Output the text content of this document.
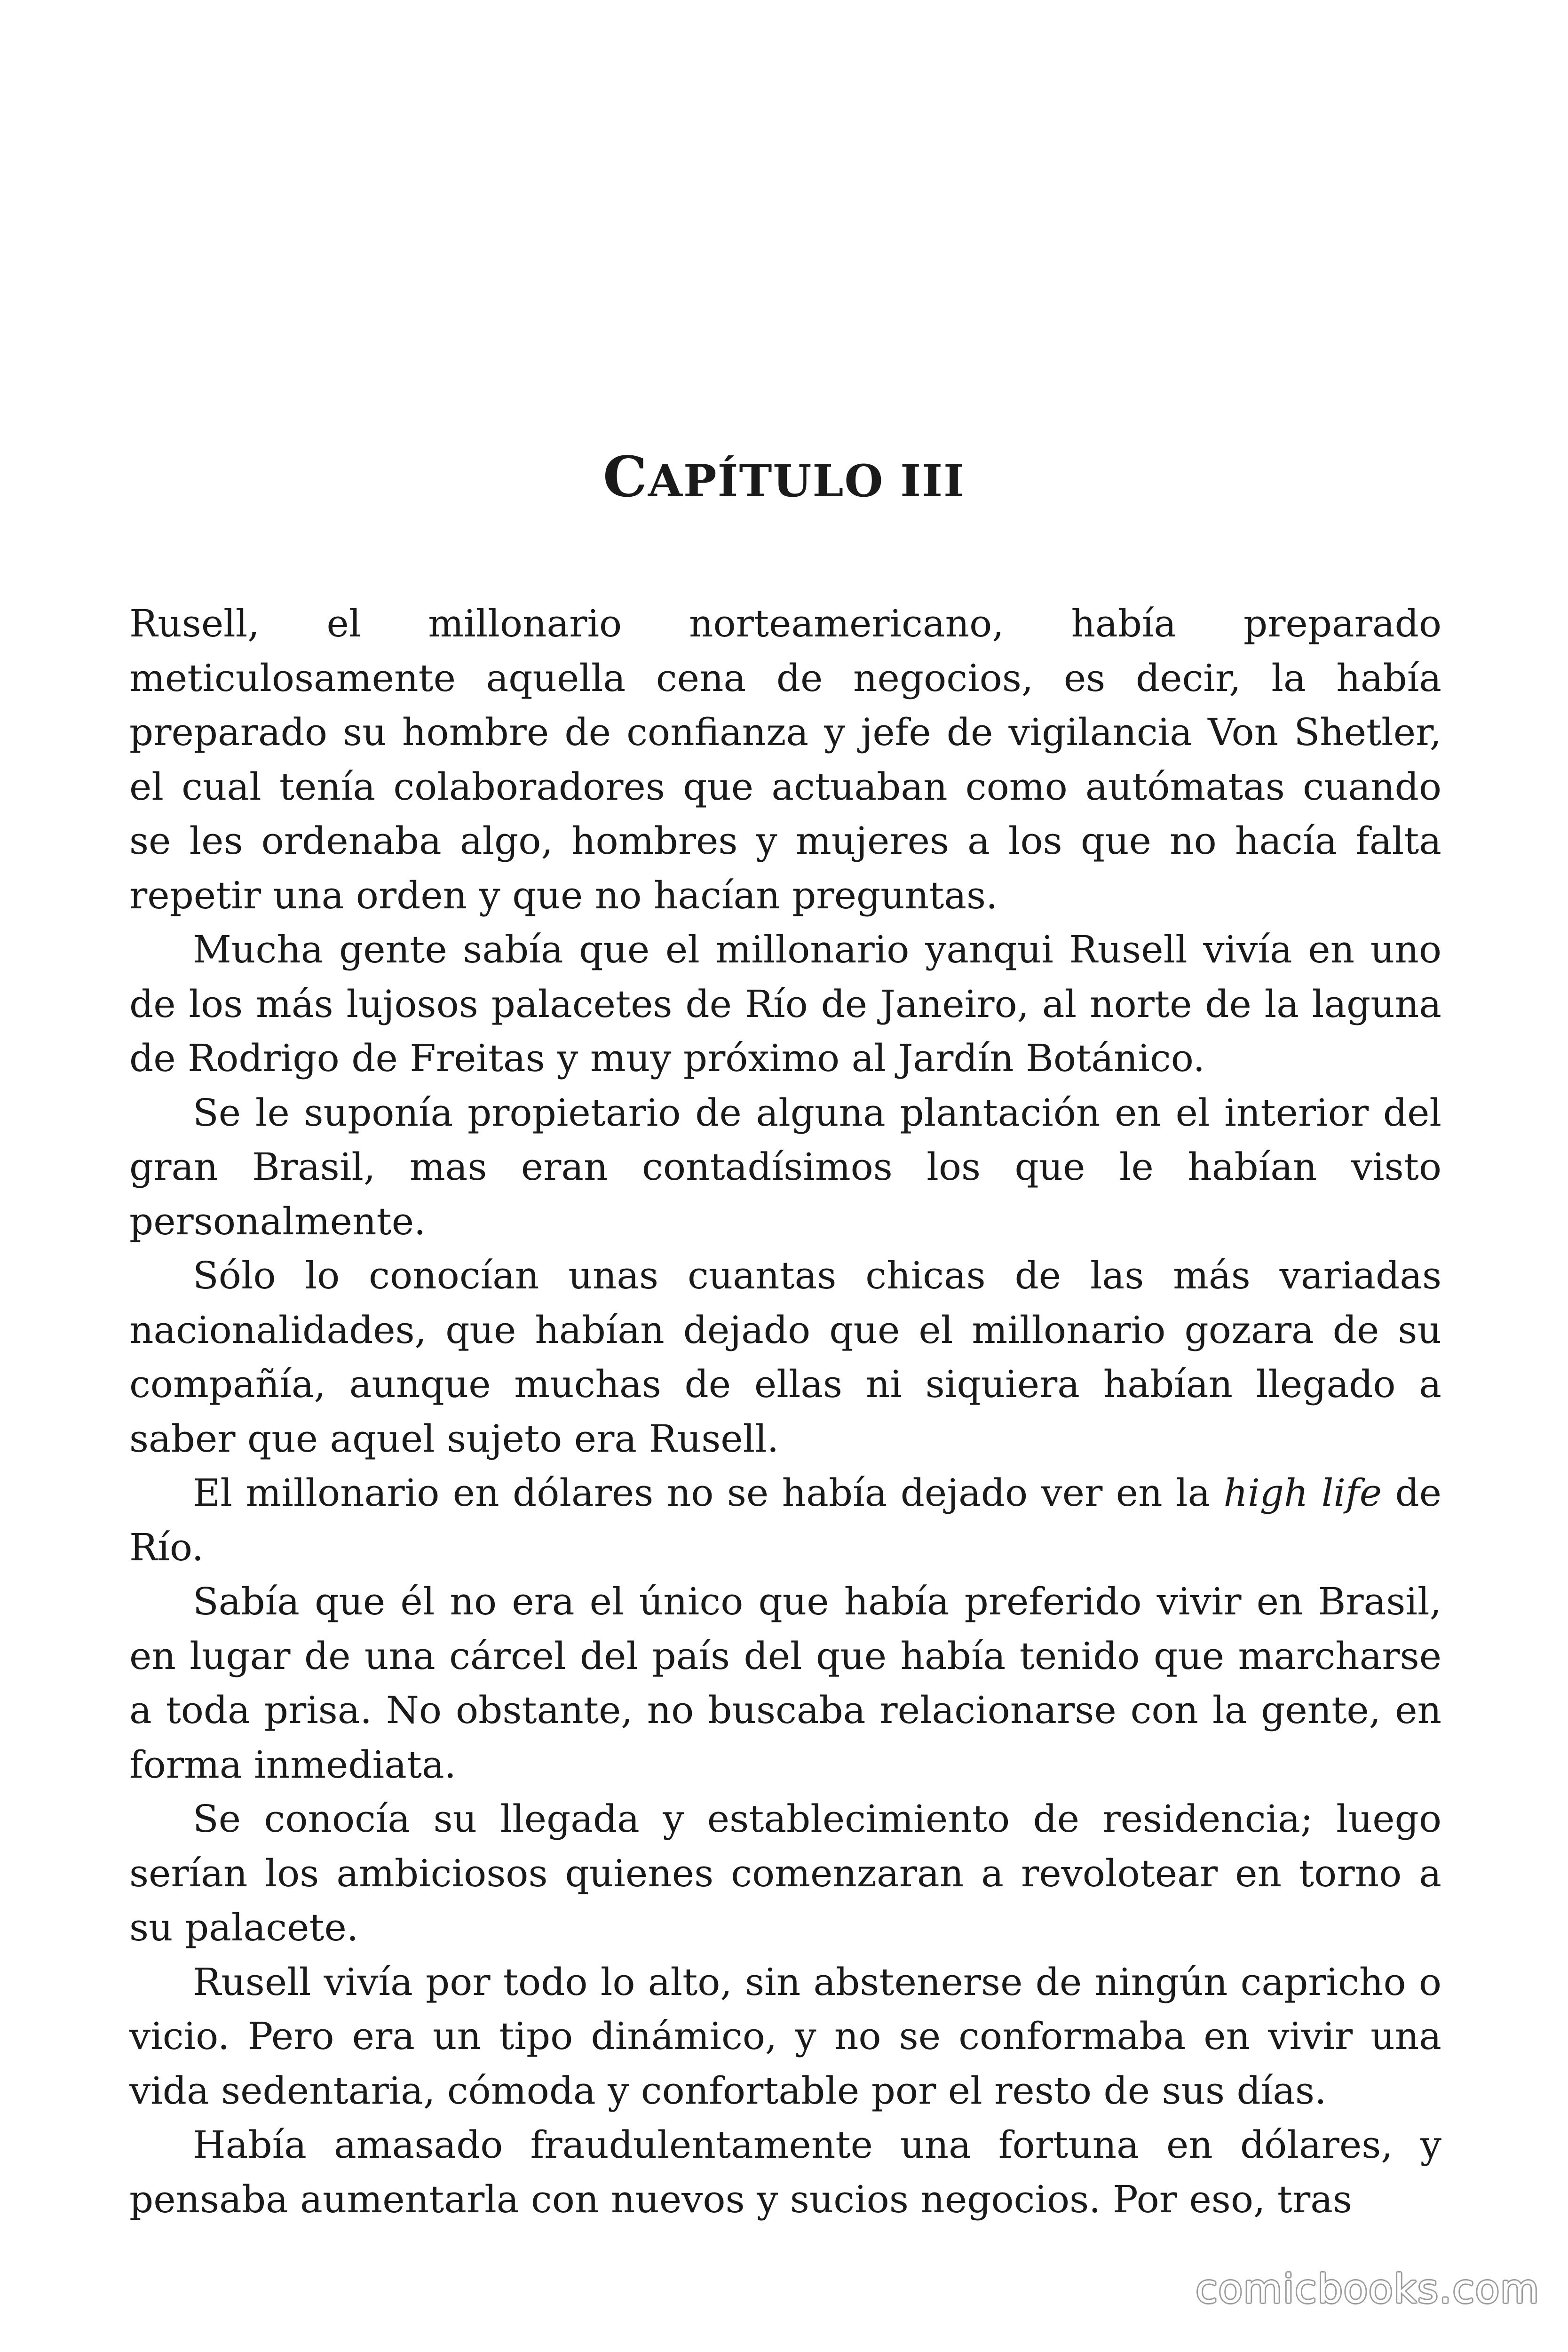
CAPÍTULO III

Rusell, el millonario norteamericano, había preparado meticulosamente aquella cena de negocios, es decir, la había preparado su hombre de confianza y jefe de vigilancia Von Shetler, el cual tenía colaboradores que actuaban como autómatas cuando se les ordenaba algo, hombres y mujeres a los que no hacía falta repetir una orden y que no hacían preguntas.

Mucha gente sabía que el millonario yanqui Rusell vivía en uno de los más lujosos palacetes de Río de Janeiro, al norte de la laguna de Rodrigo de Freitas y muy próximo al Jardín Botánico.

Se le suponía propietario de alguna plantación en el interior del gran Brasil, mas eran contadísimos los que le habían visto personalmente.

Sólo lo conocían unas cuantas chicas de las más variadas nacionalidades, que habían dejado que el millonario gozara de su compañía, aunque muchas de ellas ni siquiera habían llegado a saber que aquel sujeto era Rusell.

El millonario en dólares no se había dejado ver en la high life de Río.

Sabía que él no era el único que había preferido vivir en Brasil, en lugar de una cárcel del país del que había tenido que marcharse a toda prisa. No obstante, no buscaba relacionarse con la gente, en forma inmediata.

Se conocía su llegada y establecimiento de residencia; luego serían los ambiciosos quienes comenzaran a revolotear en torno a su palacete.

Rusell vivía por todo lo alto, sin abstenerse de ningún capricho o vicio. Pero era un tipo dinámico, y no se conformaba en vivir una vida sedentaria, cómoda y confortable por el resto de sus días.

Había amasado fraudulentamente una fortuna en dólares, y pensaba aumentarla con nuevos y sucios negocios. Por eso, tras

comicbooks.com
